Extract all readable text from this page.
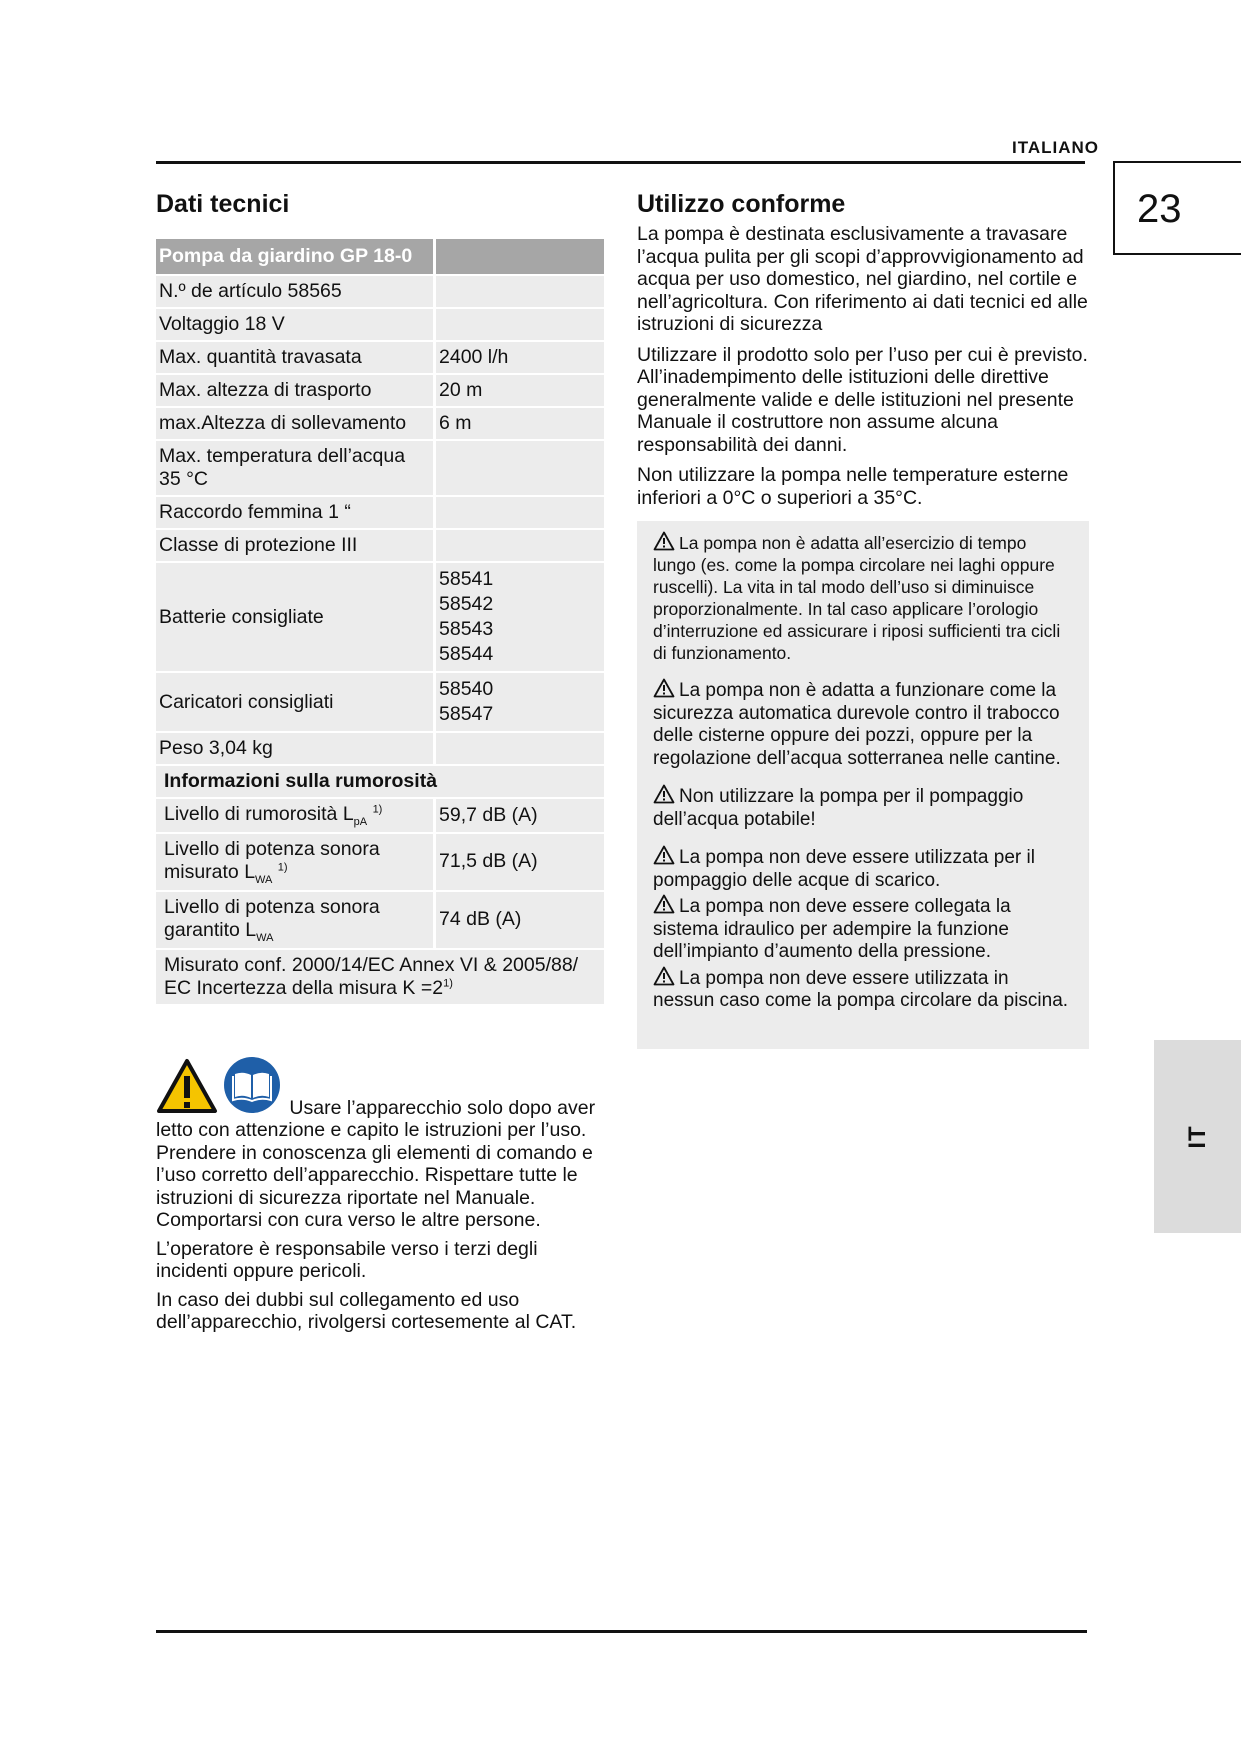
ITALIANO
23
IT
Dati tecnici
Pompa da giardino GP 18-0	
N.º de artículo 58565	
Voltaggio 18 V	
Max. quantità travasata	2400 l/h
Max. altezza di trasporto	20 m
max.Altezza di sollevamento	6 m
Max. temperatura dell’acqua 35 °C	
Raccordo femmina 1 “	
Classe di protezione III	
Batterie consigliate	58541
58542
58543
58544

Caricatori consigliati	58540
58547

Peso 3,04 kg	
Informazioni sulla rumorosità	
Livello di rumorosità $L_{pA}$ $^{1)}$	59,7 dB (A)

Livello di potenza sonora
misurato $L_{WA}$ $^{1)}$	71,5 dB (A)

Livello di potenza sonora
garantito $L_{WA}$	74 dB (A)

Misurato conf. 2000/14/EC Annex VI & 2005/88/
EC Incertezza della misura $K =2^{1)}$

Usare l’apparecchio solo dopo aver letto con attenzione e capito le istruzioni per l’uso. Prendere in conoscenza gli elementi di comando e l’uso corretto dell’apparecchio. Rispettare tutte le istruzioni di sicurezza riportate nel Manuale. Comportarsi con cura verso le altre persone.

L’operatore è responsabile verso i terzi degli incidenti oppure pericoli.

In caso dei dubbi sul collegamento ed uso dell’apparecchio, rivolgersi cortesemente al CAT.

Utilizzo conforme

La pompa è destinata esclusivamente a travasare l’acqua pulita per gli scopi d’approvvigionamento ad acqua per uso domestico, nel giardino, nel cortile e nell’agricoltura. Con riferimento ai dati tecnici ed alle istruzioni di sicurezza

Utilizzare il prodotto solo per l’uso per cui è previsto. All’inadempimento delle istituzioni delle direttive generalmente valide e delle istituzioni nel presente Manuale il costruttore non assume alcuna responsabilità dei danni.

Non utilizzare la pompa nelle temperature esterne inferiori a 0°C o superiori a 35°C.

La pompa non è adatta all’esercizio di tempo lungo (es. come la pompa circolare nei laghi oppure ruscelli). La vita in tal modo dell’uso si diminuisce proporzionalmente. In tal caso applicare l’orologio d’interruzione ed assicurare i riposi sufficienti tra cicli di funzionamento.

La pompa non è adatta a funzionare come la sicurezza automatica durevole contro il trabocco delle cisterne oppure dei pozzi, oppure per la regolazione dell’acqua sotterranea nelle cantine.

Non utilizzare la pompa per il pompaggio dell’acqua potabile!

La pompa non deve essere utilizzata per il pompaggio delle acque di scarico.

La pompa non deve essere collegata la sistema idraulico per adempire la funzione dell’impianto d’aumento della pressione.

La pompa non deve essere utilizzata in nessun caso come la pompa circolare da piscina.
